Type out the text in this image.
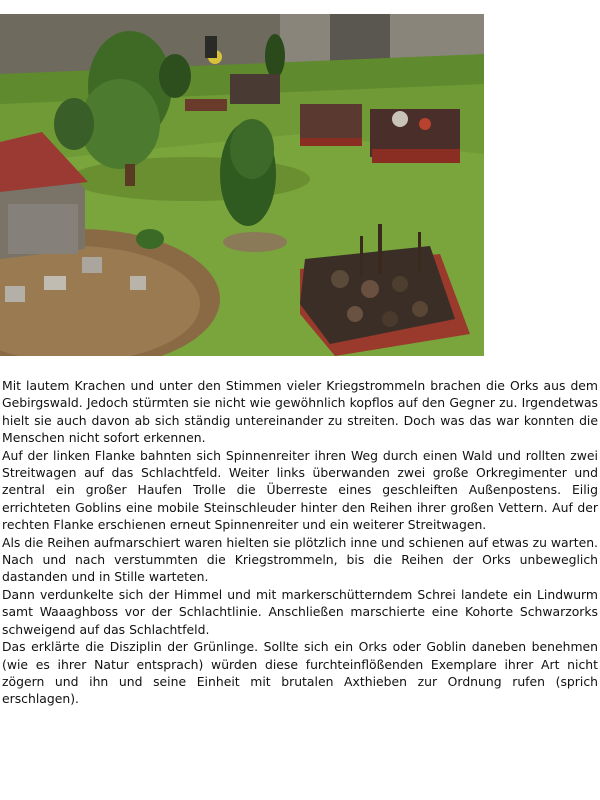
Mit lautem Krachen und unter den Stimmen vieler Kriegstrommeln brachen die Orks aus dem Gebirgswald. Jedoch stürmten sie nicht wie gewöhnlich kopflos auf den Gegner zu. Irgendetwas hielt sie auch davon ab sich ständig untereinander zu streiten. Doch was das war konnten die Menschen nicht sofort erkennen.

Auf der linken Flanke bahnten sich Spinnenreiter ihren Weg durch einen Wald und rollten zwei Streitwagen auf das Schlachtfeld. Weiter links überwanden zwei große Orkregimenter und zentral ein großer Haufen Trolle die Überreste eines geschleiften Außenpostens. Eilig errichteten Goblins eine mobile Steinschleuder hinter den Reihen ihrer großen Vettern. Auf der rechten Flanke erschienen erneut Spinnenreiter und ein weiterer Streitwagen.

Als die Reihen aufmarschiert waren hielten sie plötzlich inne und schienen auf etwas zu warten. Nach und nach verstummten die Kriegstrommeln, bis die Reihen der Orks unbeweglich dastanden und in Stille warteten.

Dann verdunkelte sich der Himmel und mit markerschütterndem Schrei landete ein Lindwurm samt Waaaghboss vor der Schlachtlinie. Anschließen marschierte eine Kohorte Schwarzorks schweigend auf das Schlachtfeld.

Das erklärte die Disziplin der Grünlinge. Sollte sich ein Orks oder Goblin daneben benehmen (wie es ihrer Natur entsprach) würden diese furchteinflößenden Exemplare ihrer Art nicht zögern und ihn und seine Einheit mit brutalen Axthieben zur Ordnung rufen (sprich erschlagen).
